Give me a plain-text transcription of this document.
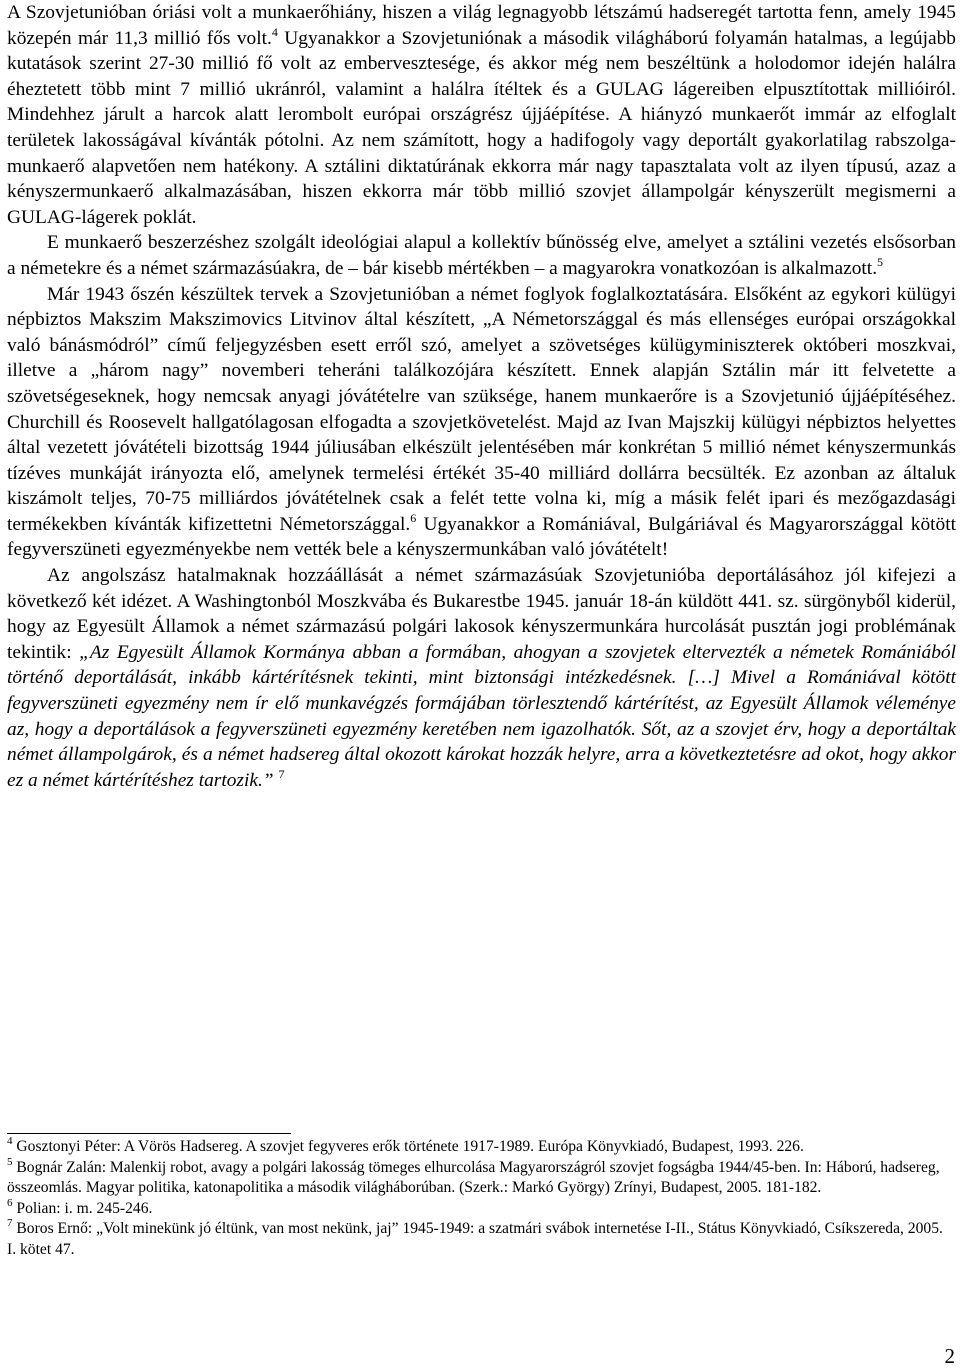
A Szovjetunióban óriási volt a munkaerőhiány, hiszen a világ legnagyobb létszámú hadseregét tartotta fenn, amely 1945 közepén már 11,3 millió fős volt.$^4$ Ugyanakkor a Szovjetuniónak a második világháború folyamán hatalmas, a legújabb kutatások szerint 27-30 millió fő volt az embervesztesége, és akkor még nem beszéltünk a holodomor idején halálra éheztetett több mint 7 millió ukránról, valamint a halálra ítéltek és a GULAG lágereiben elpusztítottak millióiról. Mindehhez járult a harcok alatt lerombolt európai országrész újjáépítése. A hiányzó munkaerőt immár az elfoglalt területek lakosságával kívánták pótolni. Az nem számított, hogy a hadifogoly vagy deportált gyakorlatilag rabszolga-munkaerő alapvetően nem hatékony. A sztálini diktatúrának ekkorra már nagy tapasztalata volt az ilyen típusú, azaz a kényszermunkaerő alkalmazásában, hiszen ekkorra már több millió szovjet állampolgár kényszerült megismerni a GULAG-lágerek poklát.

E munkaerő beszerzéshez szolgált ideológiai alapul a kollektív bűnösség elve, amelyet a sztálini vezetés elsősorban a németekre és a német származásúakra, de – bár kisebb mértékben – a magyarokra vonatkozóan is alkalmazott.$^5$

Már 1943 őszén készültek tervek a Szovjetunióban a német foglyok foglalkoztatására. Elsőként az egykori külügyi népbiztos Makszim Makszimovics Litvinov által készített, „A Németországgal és más ellenséges európai országokkal való bánásmódról” című feljegyzésben esett erről szó, amelyet a szövetséges külügyminiszterek októberi moszkvai, illetve a „három nagy” novemberi teheráni találkozójára készített. Ennek alapján Sztálin már itt felvetette a szövetségeseknek, hogy nemcsak anyagi jóvátételre van szüksége, hanem munkaerőre is a Szovjetunió újjáépítéséhez. Churchill és Roosevelt hallgatólagosan elfogadta a szovjetkövetelést. Majd az Ivan Majszkij külügyi népbiztos helyettes által vezetett jóvátételi bizottság 1944 júliusában elkészült jelentésében már konkrétan 5 millió német kényszermunkás tízéves munkáját irányozta elő, amelynek termelési értékét 35-40 milliárd dollárra becsülték. Ez azonban az általuk kiszámolt teljes, 70-75 milliárdos jóvátételnek csak a felét tette volna ki, míg a másik felét ipari és mezőgazdasági termékekben kívánták kifizettetni Németországgal.$^6$ Ugyanakkor a Romániával, Bulgáriával és Magyarországgal kötött fegyverszüneti egyezményekbe nem vették bele a kényszermunkában való jóvátételt!

Az angolszász hatalmaknak hozzáállását a német származásúak Szovjetunióba deportálásához jól kifejezi a következő két idézet. A Washingtonból Moszkvába és Bukarestbe 1945. január 18-án küldött 441. sz. sürgönyből kiderül, hogy az Egyesült Államok a német származású polgári lakosok kényszermunkára hurcolását pusztán jogi problémának tekintik: „Az Egyesült Államok Kormánya abban a formában, ahogyan a szovjetek eltervezték a németek Romániából történő deportálását, inkább kártérítésnek tekinti, mint biztonsági intézkedésnek. […] Mivel a Romániával kötött fegyverszüneti egyezmény nem ír elő munkavégzés formájában törlesztendő kártérítést, az Egyesült Államok véleménye az, hogy a deportálások a fegyverszüneti egyezmény keretében nem igazolhatók. Sőt, az a szovjet érv, hogy a deportáltak német állampolgárok, és a német hadsereg által okozott károkat hozzák helyre, arra a következtetésre ad okot, hogy akkor ez a német kártérítéshez tartozik.” $^7$

$^4$ Gosztonyi Péter: A Vörös Hadsereg. A szovjet fegyveres erők története 1917-1989. Európa Könyvkiadó, Budapest, 1993. 226.

$^5$ Bognár Zalán: Malenkij robot, avagy a polgári lakosság tömeges elhurcolása Magyarországról szovjet fogságba 1944/45-ben. In: Háború, hadsereg, összeomlás. Magyar politika, katonapolitika a második világháborúban. (Szerk.: Markó György) Zrínyi, Budapest, 2005. 181-182.

$^6$ Polian: i. m. 245-246.

$^7$ Boros Ernő: „Volt minekünk jó éltünk, van most nekünk, jaj” 1945-1949: a szatmári svábok internetése I-II., Státus Könyvkiadó, Csíkszereda, 2005. I. kötet 47.

2
